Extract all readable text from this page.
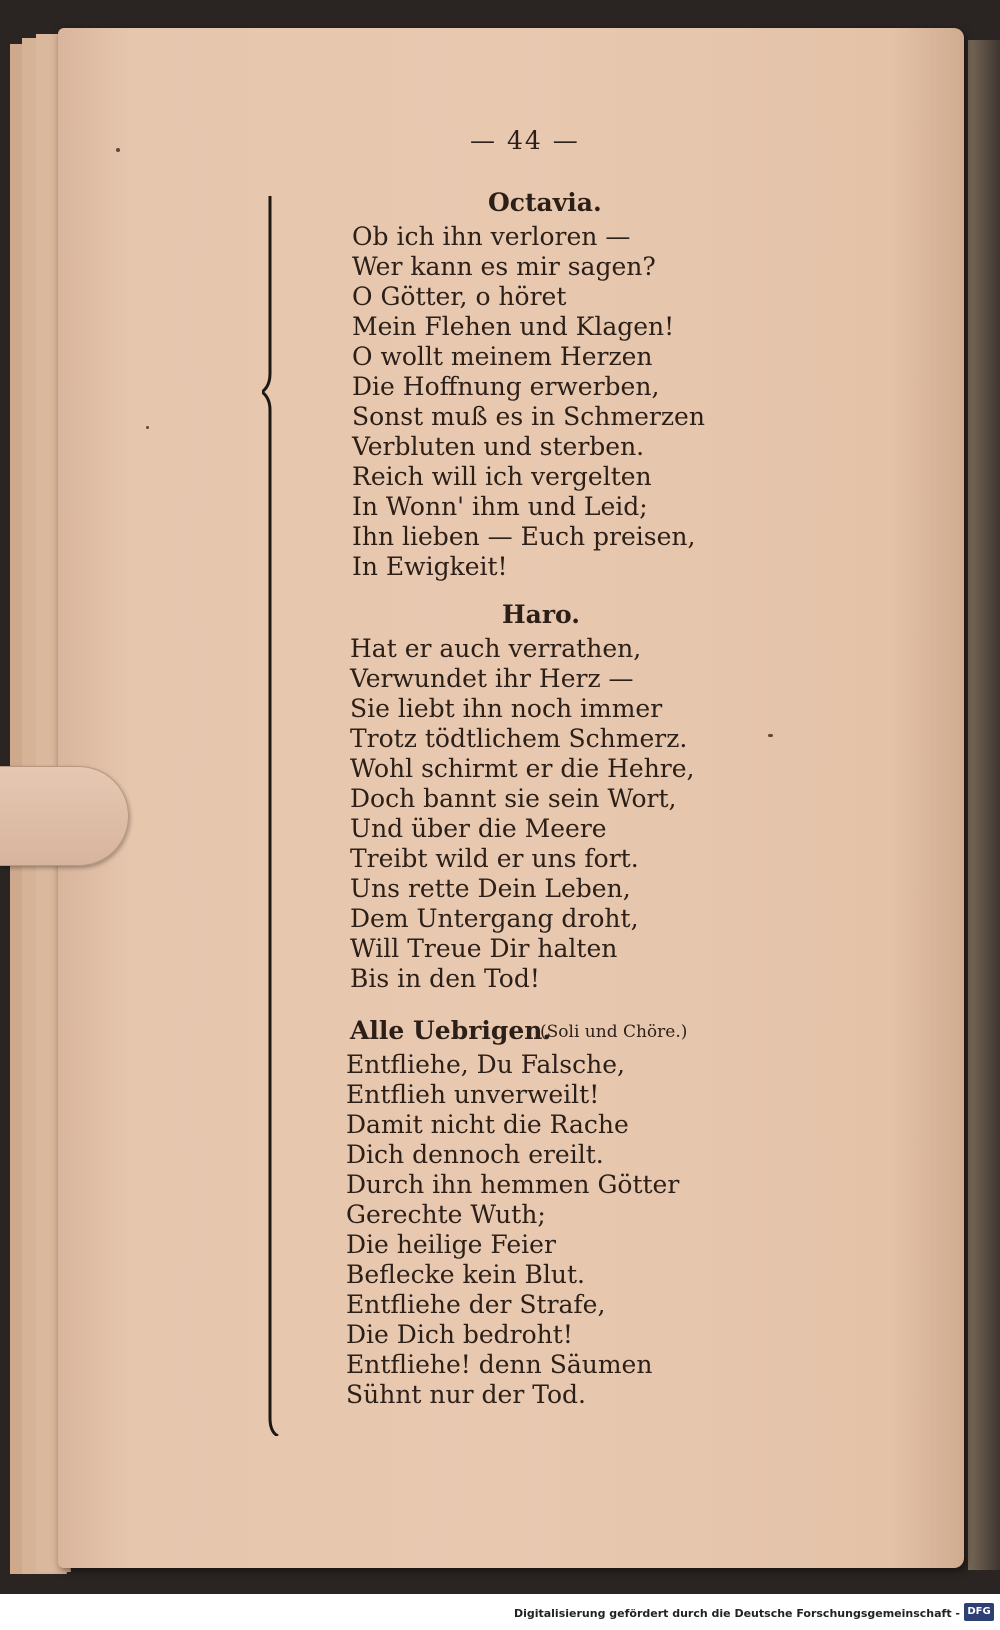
— 44 —
Octavia.
Ob ich ihn verloren —
Wer kann es mir sagen?
O Götter, o höret
Mein Flehen und Klagen!
O wollt meinem Herzen
Die Hoffnung erwerben,
Sonst muß es in Schmerzen
Verbluten und sterben.
Reich will ich vergelten
In Wonn' ihm und Leid;
Ihn lieben — Euch preisen,
In Ewigkeit!
Haro.
Hat er auch verrathen,
Verwundet ihr Herz —
Sie liebt ihn noch immer
Trotz tödtlichem Schmerz.
Wohl schirmt er die Hehre,
Doch bannt sie sein Wort,
Und über die Meere
Treibt wild er uns fort.
Uns rette Dein Leben,
Dem Untergang droht,
Will Treue Dir halten
Bis in den Tod!
Alle Uebrigen.
(Soli und Chöre.)
Entfliehe, Du Falsche,
Entflieh unverweilt!
Damit nicht die Rache
Dich dennoch ereilt.
Durch ihn hemmen Götter
Gerechte Wuth;
Die heilige Feier
Beflecke kein Blut.
Entfliehe der Strafe,
Die Dich bedroht!
Entfliehe! denn Säumen
Sühnt nur der Tod.
Digitalisierung gefördert durch die Deutsche Forschungsgemeinschaft - DFG
